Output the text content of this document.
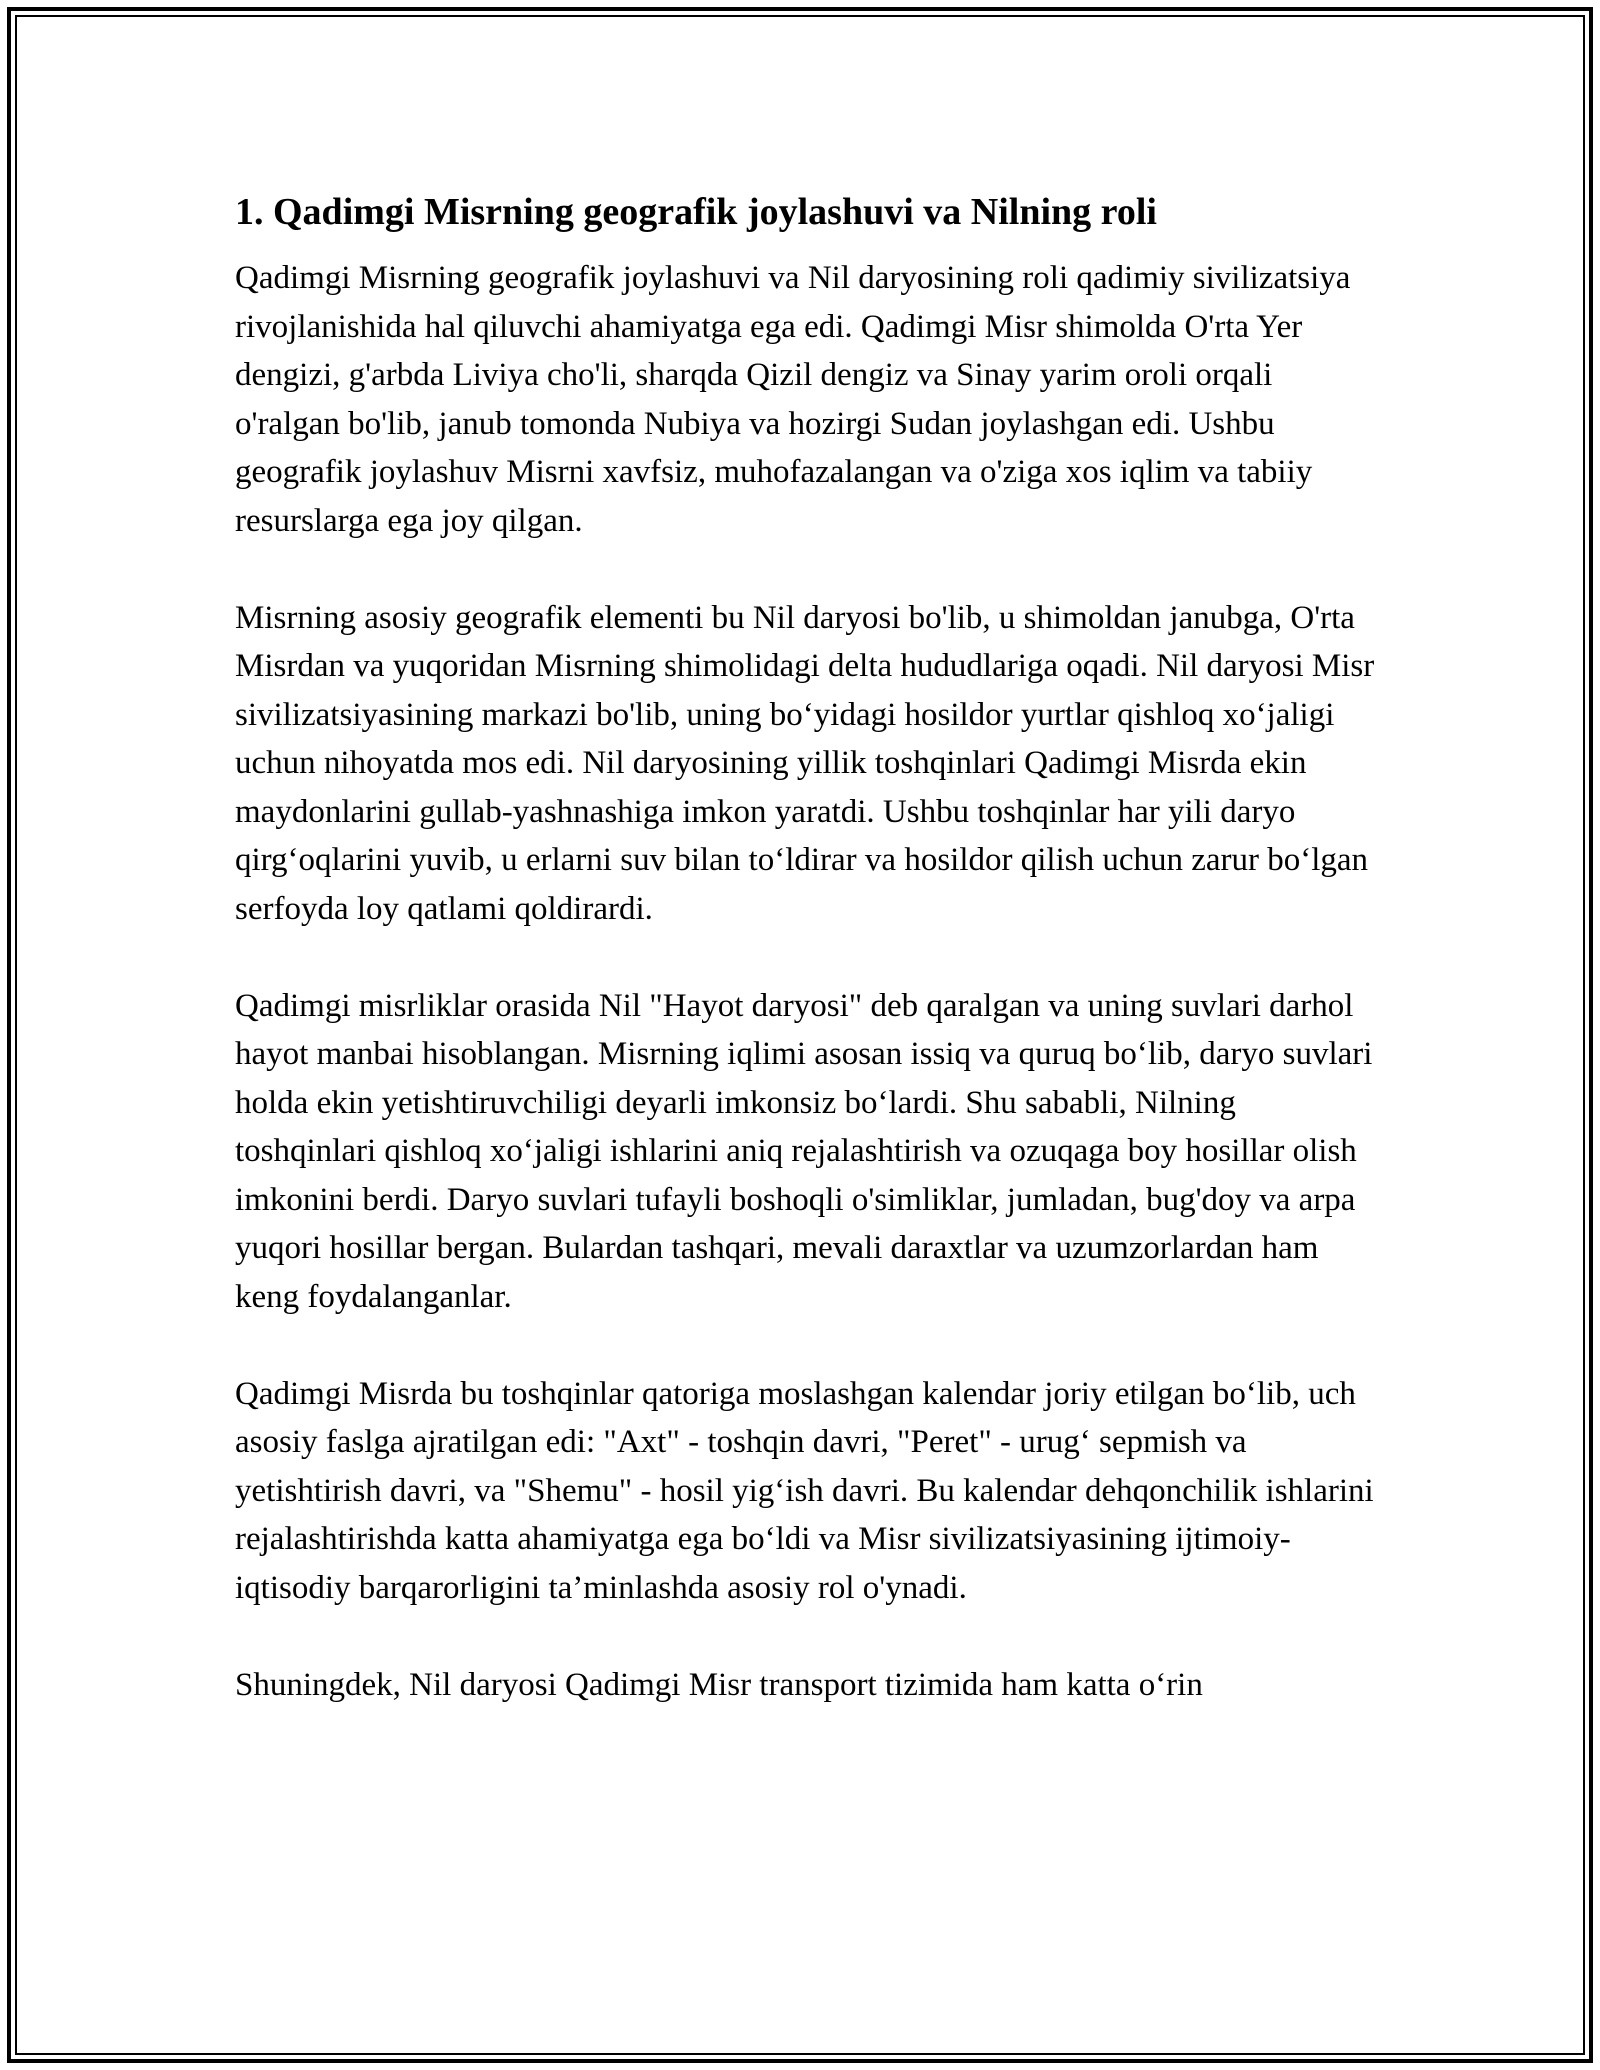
1. Qadimgi Misrning geografik joylashuvi va Nilning roli

Qadimgi Misrning geografik joylashuvi va Nil daryosining roli qadimiy sivilizatsiya rivojlanishida hal qiluvchi ahamiyatga ega edi. Qadimgi Misr shimolda O'rta Yer dengizi, g'arbda Liviya cho'li, sharqda Qizil dengiz va Sinay yarim oroli orqali o'ralgan bo'lib, janub tomonda Nubiya va hozirgi Sudan joylashgan edi. Ushbu geografik joylashuv Misrni xavfsiz, muhofazalangan va o'ziga xos iqlim va tabiiy resurslarga ega joy qilgan.

Misrning asosiy geografik elementi bu Nil daryosi bo'lib, u shimoldan janubga, O'rta Misrdan va yuqoridan Misrning shimolidagi delta hududlariga oqadi. Nil daryosi Misr sivilizatsiyasining markazi bo'lib, uning bo‘yidagi hosildor yurtlar qishloq xo‘jaligi uchun nihoyatda mos edi. Nil daryosining yillik toshqinlari Qadimgi Misrda ekin maydonlarini gullab-yashnashiga imkon yaratdi. Ushbu toshqinlar har yili daryo qirg‘oqlarini yuvib, u erlarni suv bilan to‘ldirar va hosildor qilish uchun zarur bo‘lgan serfoyda loy qatlami qoldirardi.

Qadimgi misrliklar orasida Nil "Hayot daryosi" deb qaralgan va uning suvlari darhol hayot manbai hisoblangan. Misrning iqlimi asosan issiq va quruq bo‘lib, daryo suvlari holda ekin yetishtiruvchiligi deyarli imkonsiz bo‘lardi. Shu sababli, Nilning toshqinlari qishloq xo‘jaligi ishlarini aniq rejalashtirish va ozuqaga boy hosillar olish imkonini berdi. Daryo suvlari tufayli boshoqli o'simliklar, jumladan, bug'doy va arpa yuqori hosillar bergan. Bulardan tashqari, mevali daraxtlar va uzumzorlardan ham keng foydalanganlar.

Qadimgi Misrda bu toshqinlar qatoriga moslashgan kalendar joriy etilgan bo‘lib, uch asosiy faslga ajratilgan edi: "Axt" - toshqin davri, "Peret" - urug‘ sepmish va yetishtirish davri, va "Shemu" - hosil yig‘ish davri. Bu kalendar dehqonchilik ishlarini rejalashtirishda katta ahamiyatga ega bo‘ldi va Misr sivilizatsiyasining ijtimoiy-iqtisodiy barqarorligini ta’minlashda asosiy rol o'ynadi.

Shuningdek, Nil daryosi Qadimgi Misr transport tizimida ham katta o‘rin
